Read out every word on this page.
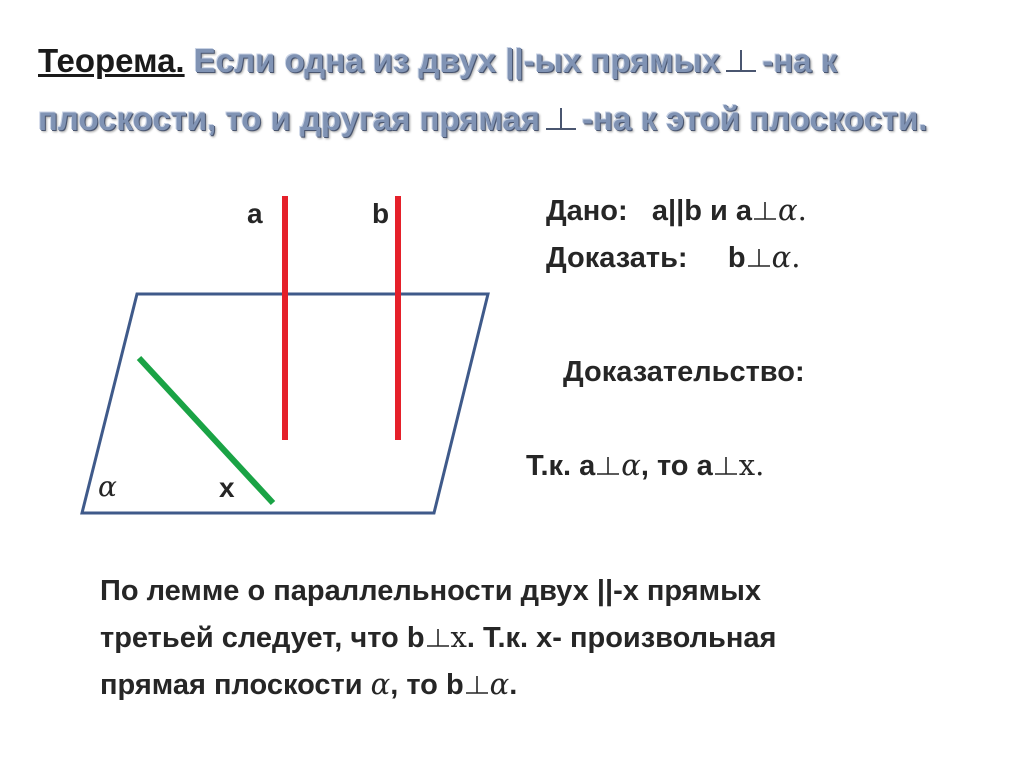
Теорема. Если одна из двух ||-ых прямых -на к плоскости, то и другая прямая -на к этой плоскости.
a	b
x
α
Дано: a||b и a α.
Доказать: b α.
Доказательство:
Т.к. a α, то a x.
По лемме о параллельности двух ||-х прямых
третьей следует, что b x. Т.к. x- произвольная
прямая плоскости α, то b α.
